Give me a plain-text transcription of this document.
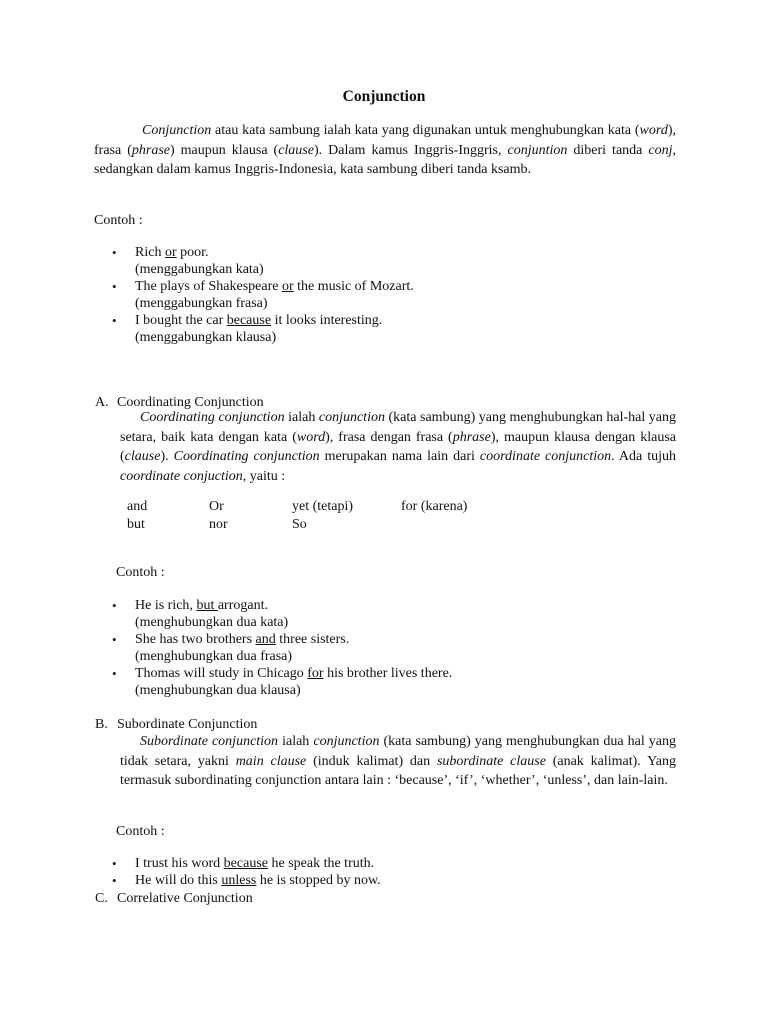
Conjunction

Conjunction atau kata sambung ialah kata yang digunakan untuk menghubungkan kata (word), frasa (phrase) maupun klausa (clause). Dalam kamus Inggris-Inggris, conjuntion diberi tanda conj, sedangkan dalam kamus Inggris-Indonesia, kata sambung diberi tanda ksamb.

Contoh :
• Rich or poor.
(menggabungkan kata)
• The plays of Shakespeare or the music of Mozart.
(menggabungkan frasa)
• I bought the car because it looks interesting.
(menggabungkan klausa)
A. Coordinating Conjunction

Coordinating conjunction ialah conjunction (kata sambung) yang menghubungkan hal-hal yang setara, baik kata dengan kata (word), frasa dengan frasa (phrase), maupun klausa dengan klausa (clause). Coordinating conjunction merupakan nama lain dari coordinate conjunction. Ada tujuh coordinate conjuction, yaitu :

and	Or	yet (tetapi)	for (karena)
but	nor	So
Contoh :
• He is rich, but arrogant.
(menghubungkan dua kata)
• She has two brothers and three sisters.
(menghubungkan dua frasa)
• Thomas will study in Chicago for his brother lives there.
(menghubungkan dua klausa)
B. Subordinate Conjunction

Subordinate conjunction ialah conjunction (kata sambung) yang menghubungkan dua hal yang tidak setara, yakni main clause (induk kalimat) dan subordinate clause (anak kalimat). Yang termasuk subordinating conjunction antara lain : ‘because’, ‘if’, ‘whether’, ‘unless’, dan lain-lain.

Contoh :
• I trust his word because he speak the truth.
• He will do this unless he is stopped by now.
C. Correlative Conjunction
